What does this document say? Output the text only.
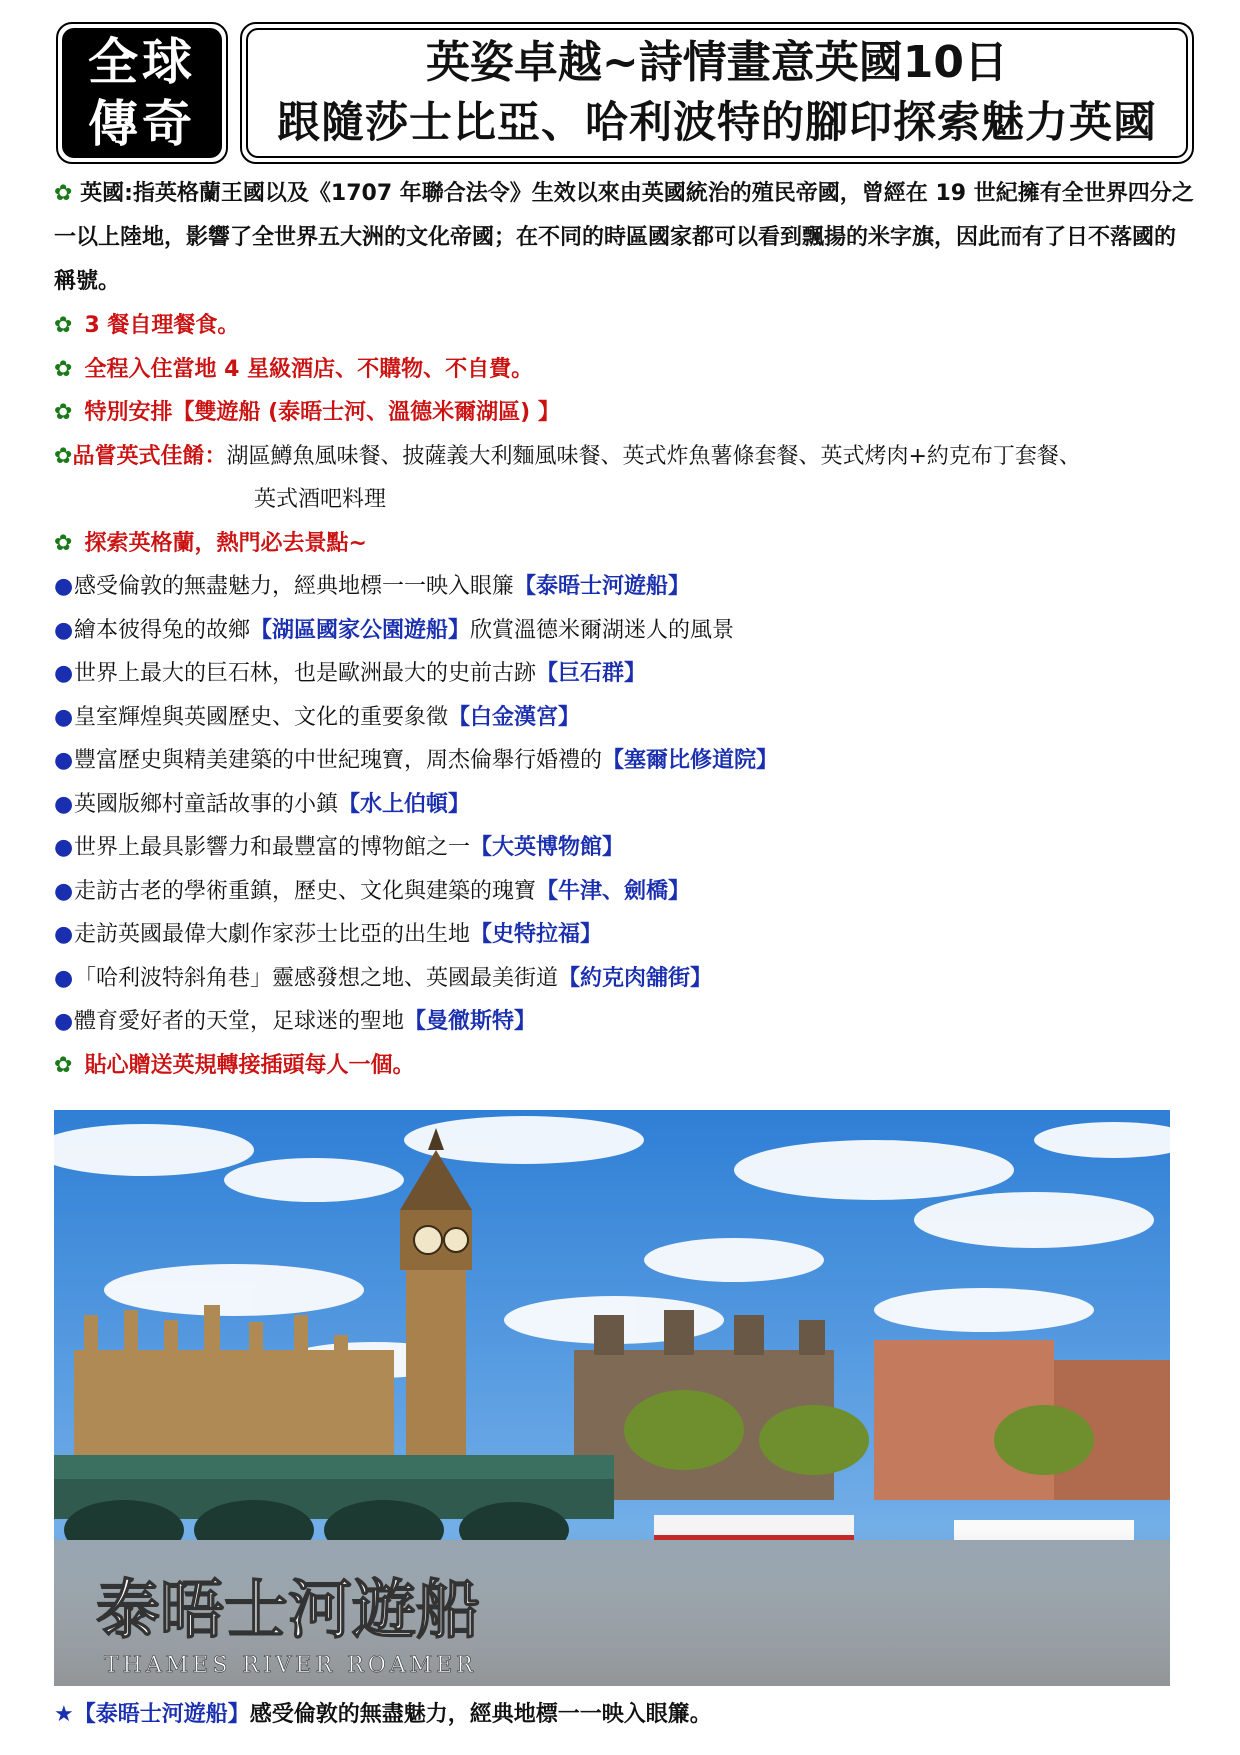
全球
傳奇
英姿卓越~詩情畫意英國10日
跟隨莎士比亞、哈利波特的腳印探索魅力英國
✿ 英國:指英格蘭王國以及《1707 年聯合法令》生效以來由英國統治的殖民帝國，曾經在 19 世紀擁有全世界四分之一以上陸地，影響了全世界五大洲的文化帝國；在不同的時區國家都可以看到飄揚的米字旗，因此而有了日不落國的稱號。
✿ 3 餐自理餐食。
✿ 全程入住當地 4 星級酒店、不購物、不自費。
✿ 特別安排【雙遊船 (泰晤士河、溫德米爾湖區) 】
✿品嘗英式佳餚：湖區鱒魚風味餐、披薩義大利麵風味餐、英式炸魚薯條套餐、英式烤肉+約克布丁套餐、
英式酒吧料理
✿ 探索英格蘭，熱門必去景點~
●感受倫敦的無盡魅力，經典地標一一映入眼簾【泰晤士河遊船】
●繪本彼得兔的故鄉【湖區國家公園遊船】欣賞溫德米爾湖迷人的風景
●世界上最大的巨石林，也是歐洲最大的史前古跡【巨石群】
●皇室輝煌與英國歷史、文化的重要象徵【白金漢宮】
●豐富歷史與精美建築的中世紀瑰寶，周杰倫舉行婚禮的【塞爾比修道院】
●英國版鄉村童話故事的小鎮【水上伯頓】
●世界上最具影響力和最豐富的博物館之一【大英博物館】
●走訪古老的學術重鎮，歷史、文化與建築的瑰寶【牛津、劍橋】
●走訪英國最偉大劇作家莎士比亞的出生地【史特拉福】
●「哈利波特斜角巷」靈感發想之地、英國最美街道【約克肉舖街】
●體育愛好者的天堂，足球迷的聖地【曼徹斯特】
✿ 貼心贈送英規轉接插頭每人一個。
泰晤士河遊船
THAMES RIVER ROAMER
★【泰晤士河遊船】感受倫敦的無盡魅力，經典地標一一映入眼簾。
